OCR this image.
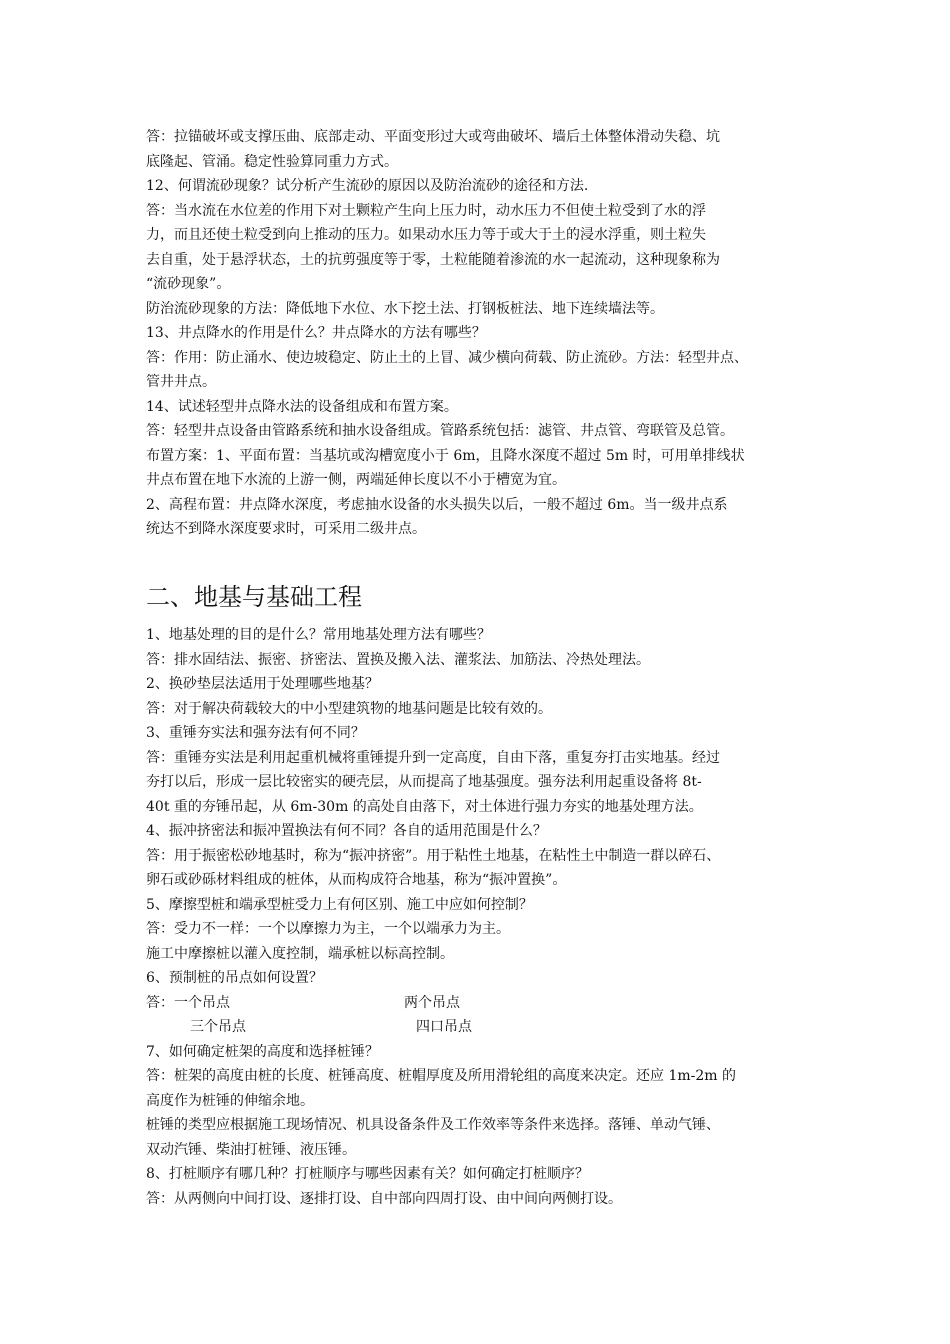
答：拉锚破坏或支撑压曲、底部走动、平面变形过大或弯曲破坏、墙后土体整体滑动失稳、坑
底隆起、管涌。稳定性验算同重力方式。
12、何谓流砂现象？试分析产生流砂的原因以及防治流砂的途径和方法.
答：当水流在水位差的作用下对土颗粒产生向上压力时，动水压力不但使土粒受到了水的浮
力，而且还使土粒受到向上推动的压力。如果动水压力等于或大于土的浸水浮重，则土粒失
去自重，处于悬浮状态，土的抗剪强度等于零，土粒能随着渗流的水一起流动，这种现象称为
“流砂现象”。
防治流砂现象的方法：降低地下水位、水下挖土法、打钢板桩法、地下连续墙法等。
13、井点降水的作用是什么？井点降水的方法有哪些？
答：作用：防止涌水、使边坡稳定、防止土的上冒、减少横向荷载、防止流砂。方法：轻型井点、
管井井点。
14、试述轻型井点降水法的设备组成和布置方案。
答：轻型井点设备由管路系统和抽水设备组成。管路系统包括：滤管、井点管、弯联管及总管。
布置方案：1、平面布置：当基坑或沟槽宽度小于 6m，且降水深度不超过 5m 时，可用单排线状
井点布置在地下水流的上游一侧，两端延伸长度以不小于槽宽为宜。
2、高程布置：井点降水深度，考虑抽水设备的水头损失以后，一般不超过 6m。当一级井点系
统达不到降水深度要求时，可采用二级井点。
二、地基与基础工程
1、地基处理的目的是什么？常用地基处理方法有哪些？
答：排水固结法、振密、挤密法、置换及搬入法、灌浆法、加筋法、冷热处理法。
2、换砂垫层法适用于处理哪些地基？
答：对于解决荷载较大的中小型建筑物的地基问题是比较有效的。
3、重锤夯实法和强夯法有何不同？
答：重锤夯实法是利用起重机械将重锤提升到一定高度，自由下落，重复夯打击实地基。经过
夯打以后，形成一层比较密实的硬壳层，从而提高了地基强度。强夯法利用起重设备将 8t-
40t 重的夯锤吊起，从 6m-30m 的高处自由落下，对土体进行强力夯实的地基处理方法。
4、振冲挤密法和振冲置换法有何不同？各自的适用范围是什么？
答：用于振密松砂地基时，称为“振冲挤密”。用于粘性土地基，在粘性土中制造一群以碎石、
卵石或砂砾材料组成的桩体，从而构成符合地基，称为“振冲置换”。
5、摩擦型桩和端承型桩受力上有何区别、施工中应如何控制？
答：受力不一样：一个以摩擦力为主，一个以端承力为主。
施工中摩擦桩以灌入度控制，端承桩以标高控制。
6、预制桩的吊点如何设置？
答：一个吊点	两个吊点
三个吊点	四口吊点
7、如何确定桩架的高度和选择桩锤？
答：桩架的高度由桩的长度、桩锤高度、桩帽厚度及所用滑轮组的高度来决定。还应 1m-2m 的
高度作为桩锤的伸缩余地。
桩锤的类型应根据施工现场情况、机具设备条件及工作效率等条件来选择。落锤、单动气锤、
双动汽锤、柴油打桩锤、液压锤。
8、打桩顺序有哪几种？打桩顺序与哪些因素有关？如何确定打桩顺序？
答：从两侧向中间打设、逐排打设、自中部向四周打设、由中间向两侧打设。
